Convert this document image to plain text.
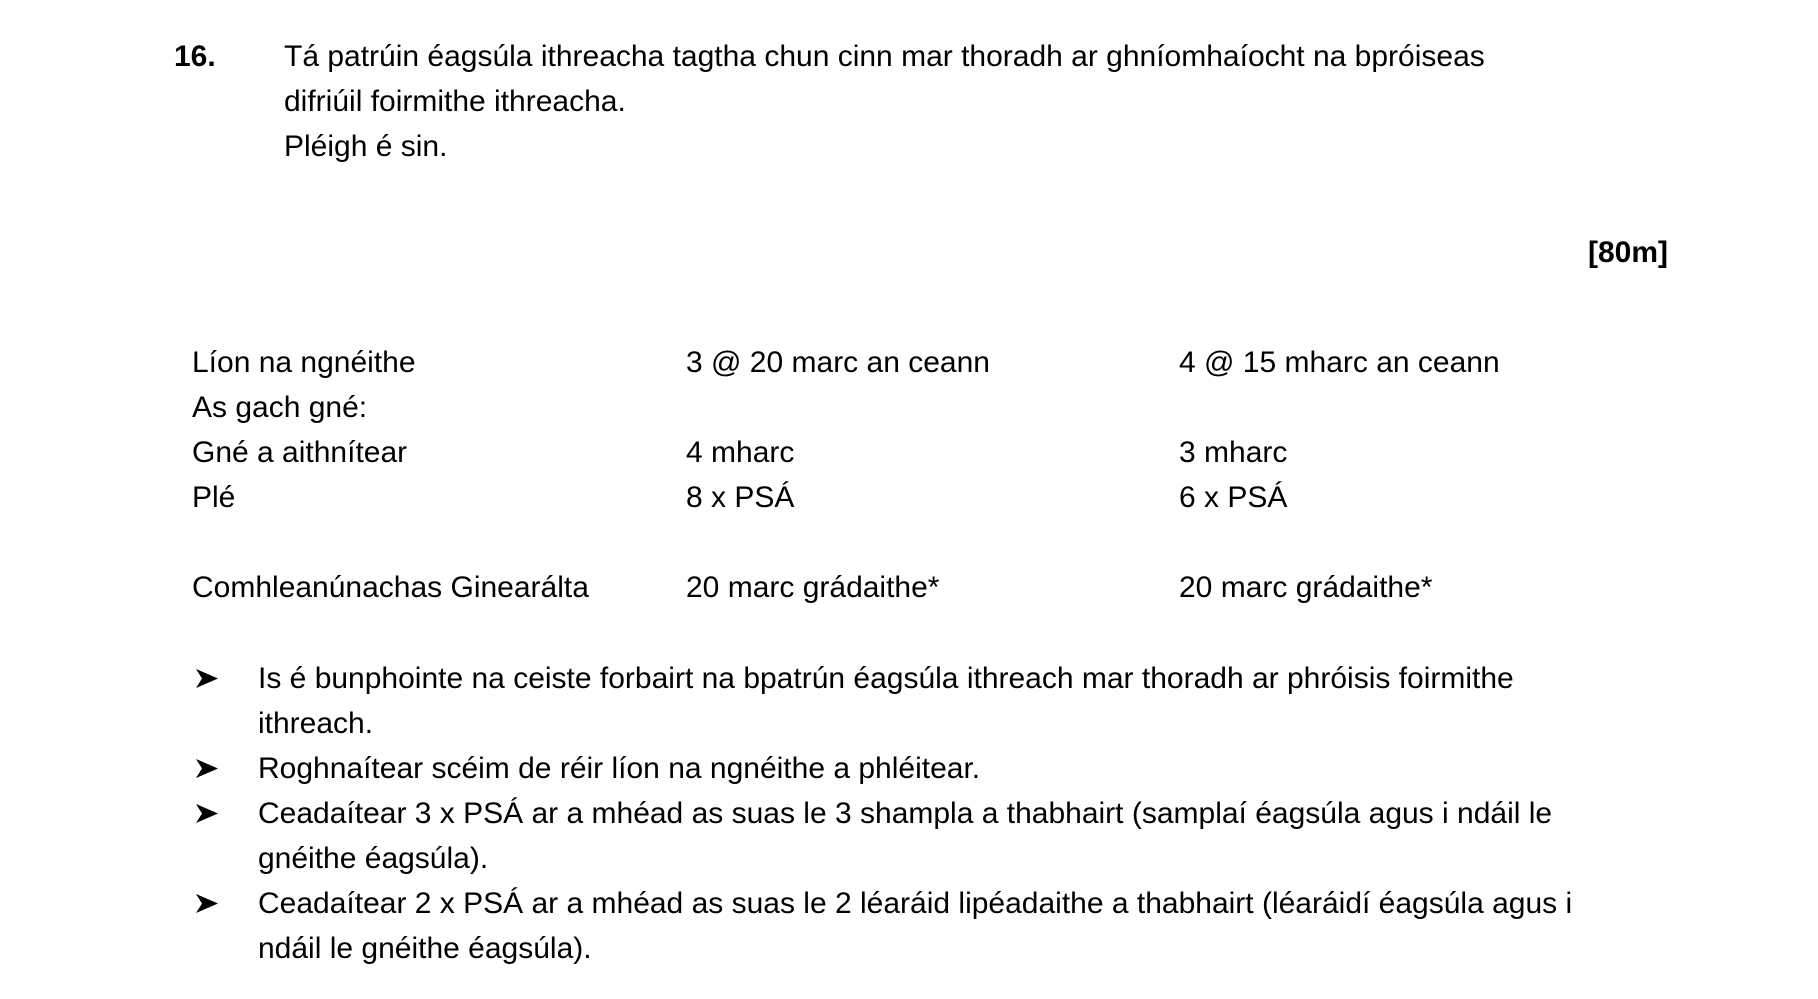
16. Tá patrúin éagsúla ithreacha tagtha chun cinn mar thoradh ar ghníomhaíocht na bpróiseas
difriúil foirmithe ithreacha.
Pléigh é sin.
[80m]
Líon na ngnéithe	3 @ 20 marc an ceann	4 @ 15 mharc an ceann
As gach gné:
Gné a aithnítear	4 mharc	3 mharc
Plé	8 x PSÁ	6 x PSÁ
Comhleanúnachas Ginearálta	20 marc grádaithe*	20 marc grádaithe*
Is é bunphointe na ceiste forbairt na bpatrún éagsúla ithreach mar thoradh ar phróisis foirmithe ithreach.
Roghnaítear scéim de réir líon na ngnéithe a phléitear.
Ceadaítear 3 x PSÁ ar a mhéad as suas le 3 shampla a thabhairt (samplaí éagsúla agus i ndáil le gnéithe éagsúla).
Ceadaítear 2 x PSÁ ar a mhéad as suas le 2 léaráid lipéadaithe a thabhairt (léaráidí éagsúla agus i ndáil le gnéithe éagsúla).
